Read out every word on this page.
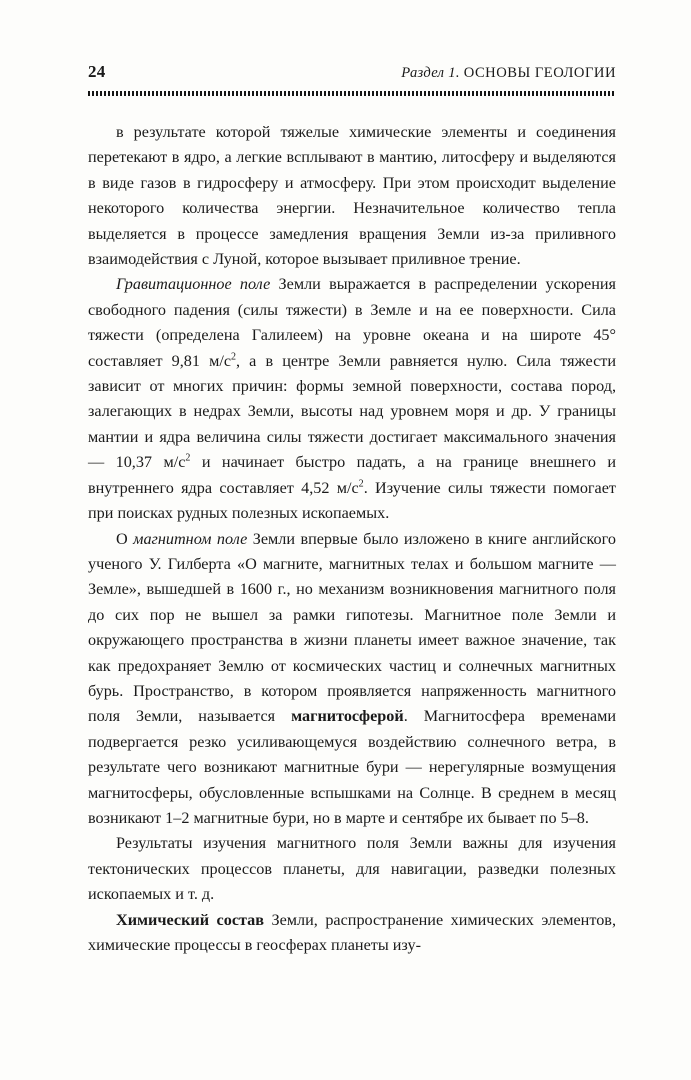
24	Раздел 1. ОСНОВЫ ГЕОЛОГИИ

в результате которой тяжелые химические элементы и соединения перетекают в ядро, а легкие всплывают в мантию, литосферу и выделяются в виде газов в гидросферу и атмосферу. При этом происходит выделение некоторого количества энергии. Незначительное количество тепла выделяется в процессе замедления вращения Земли из-за приливного взаимодействия с Луной, которое вызывает приливное трение.

Гравитационное поле Земли выражается в распределении ускорения свободного падения (силы тяжести) в Земле и на ее поверхности. Сила тяжести (определена Галилеем) на уровне океана и на широте 45° составляет 9,81 $м/с^2$, а в центре Земли равняется нулю. Сила тяжести зависит от многих причин: формы земной поверхности, состава пород, залегающих в недрах Земли, высоты над уровнем моря и др. У границы мантии и ядра величина силы тяжести достигает максимального значения — 10,37 $м/с^2$ и начинает быстро падать, а на границе внешнего и внутреннего ядра составляет 4,52 $м/с^2$. Изучение силы тяжести помогает при поисках рудных полезных ископаемых.

О магнитном поле Земли впервые было изложено в книге английского ученого У. Гилберта «О магните, магнитных телах и большом магните — Земле», вышедшей в 1600 г., но механизм возникновения магнитного поля до сих пор не вышел за рамки гипотезы. Магнитное поле Земли и окружающего пространства в жизни планеты имеет важное значение, так как предохраняет Землю от космических частиц и солнечных магнитных бурь. Пространство, в котором проявляется напряженность магнитного поля Земли, называется магнитосферой. Магнитосфера временами подвергается резко усиливающемуся воздействию солнечного ветра, в результате чего возникают магнитные бури — нерегулярные возмущения магнитосферы, обусловленные вспышками на Солнце. В среднем в месяц возникают 1–2 магнитные бури, но в марте и сентябре их бывает по 5–8.

Результаты изучения магнитного поля Земли важны для изучения тектонических процессов планеты, для навигации, разведки полезных ископаемых и т. д.

Химический состав Земли, распространение химических элементов, химические процессы в геосферах планеты изу-
